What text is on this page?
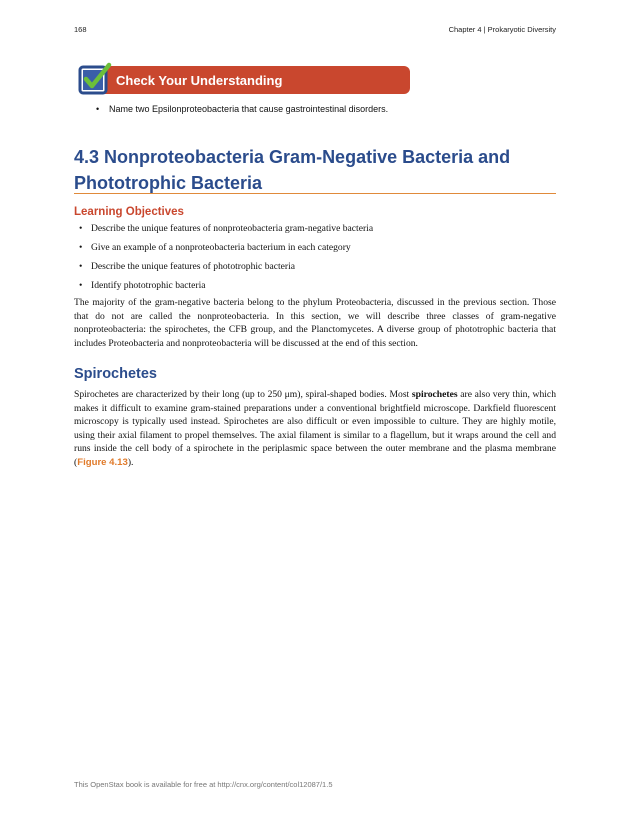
168	Chapter 4 | Prokaryotic Diversity
Check Your Understanding
• Name two Epsilonproteobacteria that cause gastrointestinal disorders.
4.3 Nonproteobacteria Gram-Negative Bacteria and
Phototrophic Bacteria
Learning Objectives
• Describe the unique features of nonproteobacteria gram-negative bacteria
• Give an example of a nonproteobacteria bacterium in each category
• Describe the unique features of phototrophic bacteria
• Identify phototrophic bacteria

The majority of the gram-negative bacteria belong to the phylum Proteobacteria, discussed in the previous section. Those that do not are called the nonproteobacteria. In this section, we will describe three classes of gram-negative nonproteobacteria: the spirochetes, the CFB group, and the Planctomycetes. A diverse group of phototrophic bacteria that includes Proteobacteria and nonproteobacteria will be discussed at the end of this section.

Spirochetes

Spirochetes are characterized by their long (up to 250 μm), spiral-shaped bodies. Most spirochetes are also very thin, which makes it difficult to examine gram-stained preparations under a conventional brightfield microscope. Darkfield fluorescent microscopy is typically used instead. Spirochetes are also difficult or even impossible to culture. They are highly motile, using their axial filament to propel themselves. The axial filament is similar to a flagellum, but it wraps around the cell and runs inside the cell body of a spirochete in the periplasmic space between the outer membrane and the plasma membrane (Figure 4.13).

This OpenStax book is available for free at http://cnx.org/content/col12087/1.5
